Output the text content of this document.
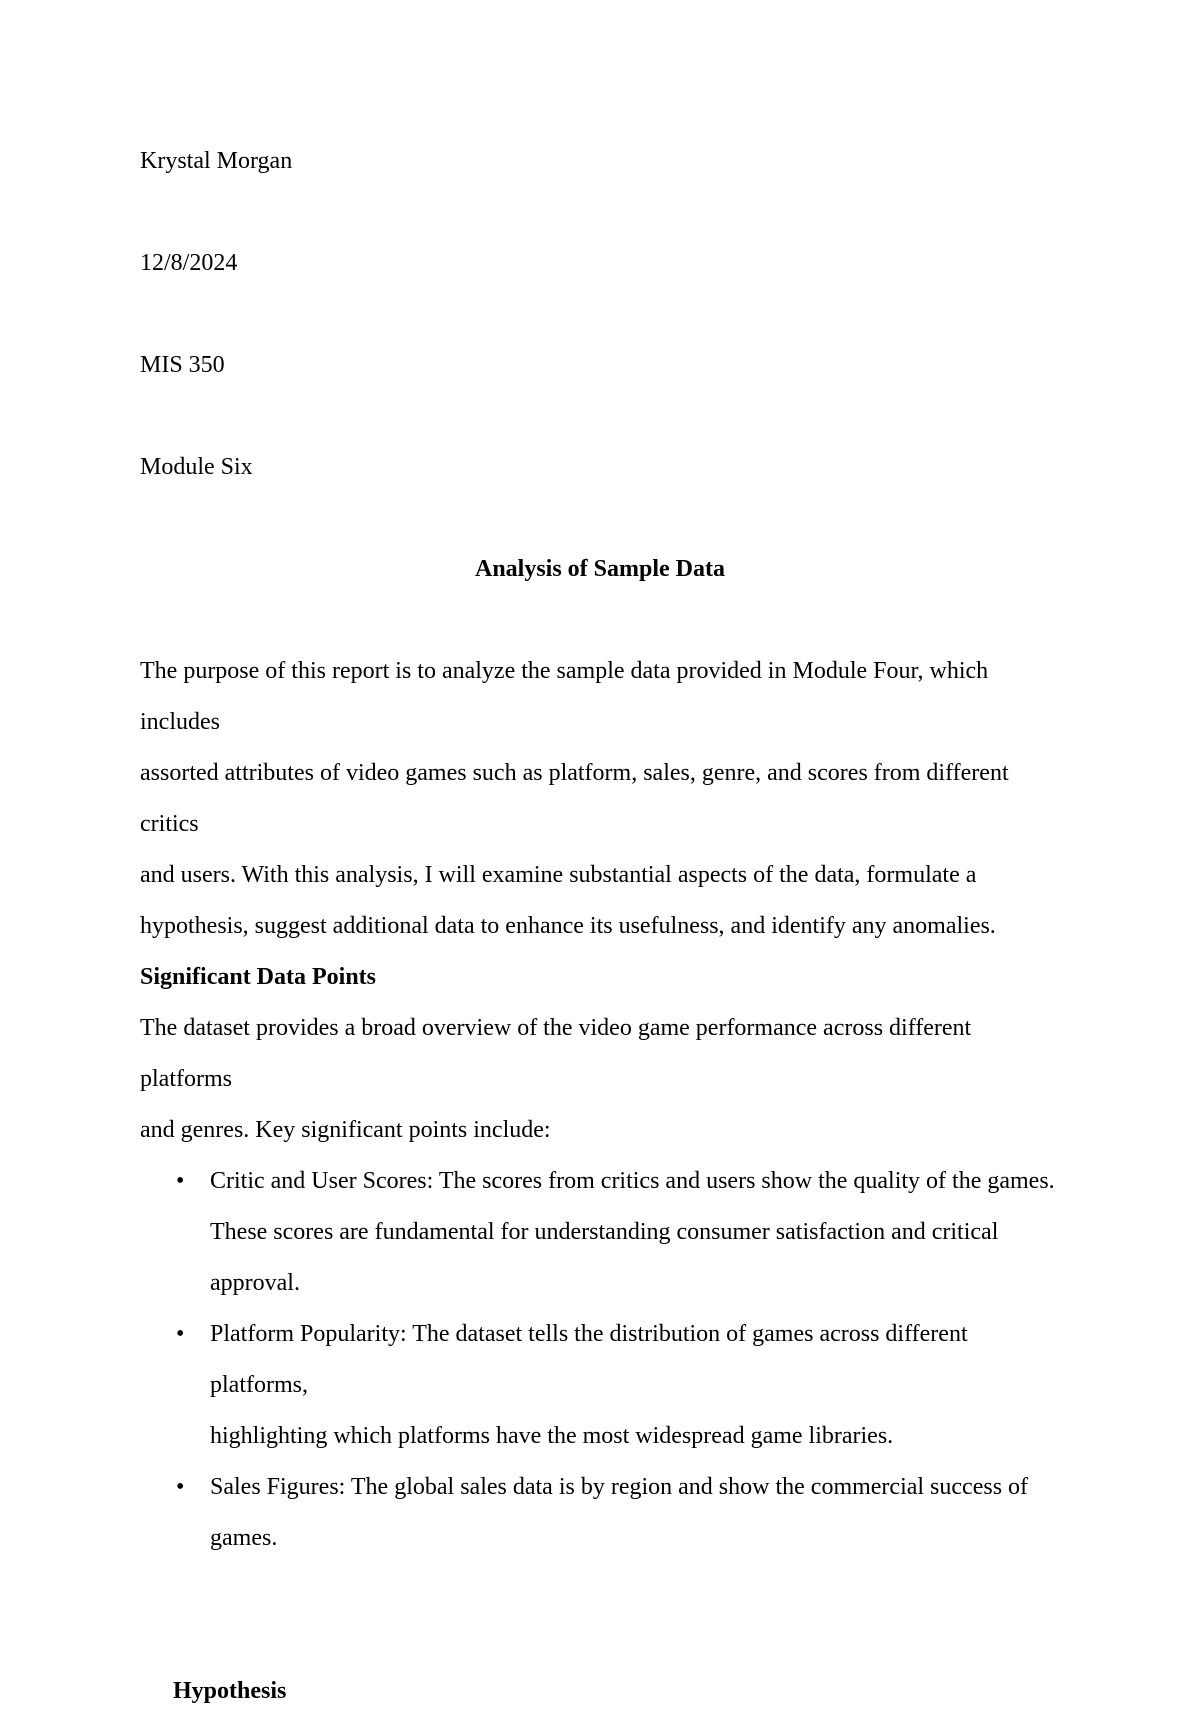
Krystal Morgan
12/8/2024
MIS 350
Module Six
Analysis of Sample Data
The purpose of this report is to analyze the sample data provided in Module Four, which includes
assorted attributes of video games such as platform, sales, genre, and scores from different critics
and users. With this analysis, I will examine substantial aspects of the data, formulate a
hypothesis, suggest additional data to enhance its usefulness, and identify any anomalies.
Significant Data Points
The dataset provides a broad overview of the video game performance across different platforms
and genres. Key significant points include:
• Critic and User Scores: The scores from critics and users show the quality of the games.
These scores are fundamental for understanding consumer satisfaction and critical
approval.
• Platform Popularity: The dataset tells the distribution of games across different platforms,
highlighting which platforms have the most widespread game libraries.
• Sales Figures: The global sales data is by region and show the commercial success of
games.
Hypothesis
